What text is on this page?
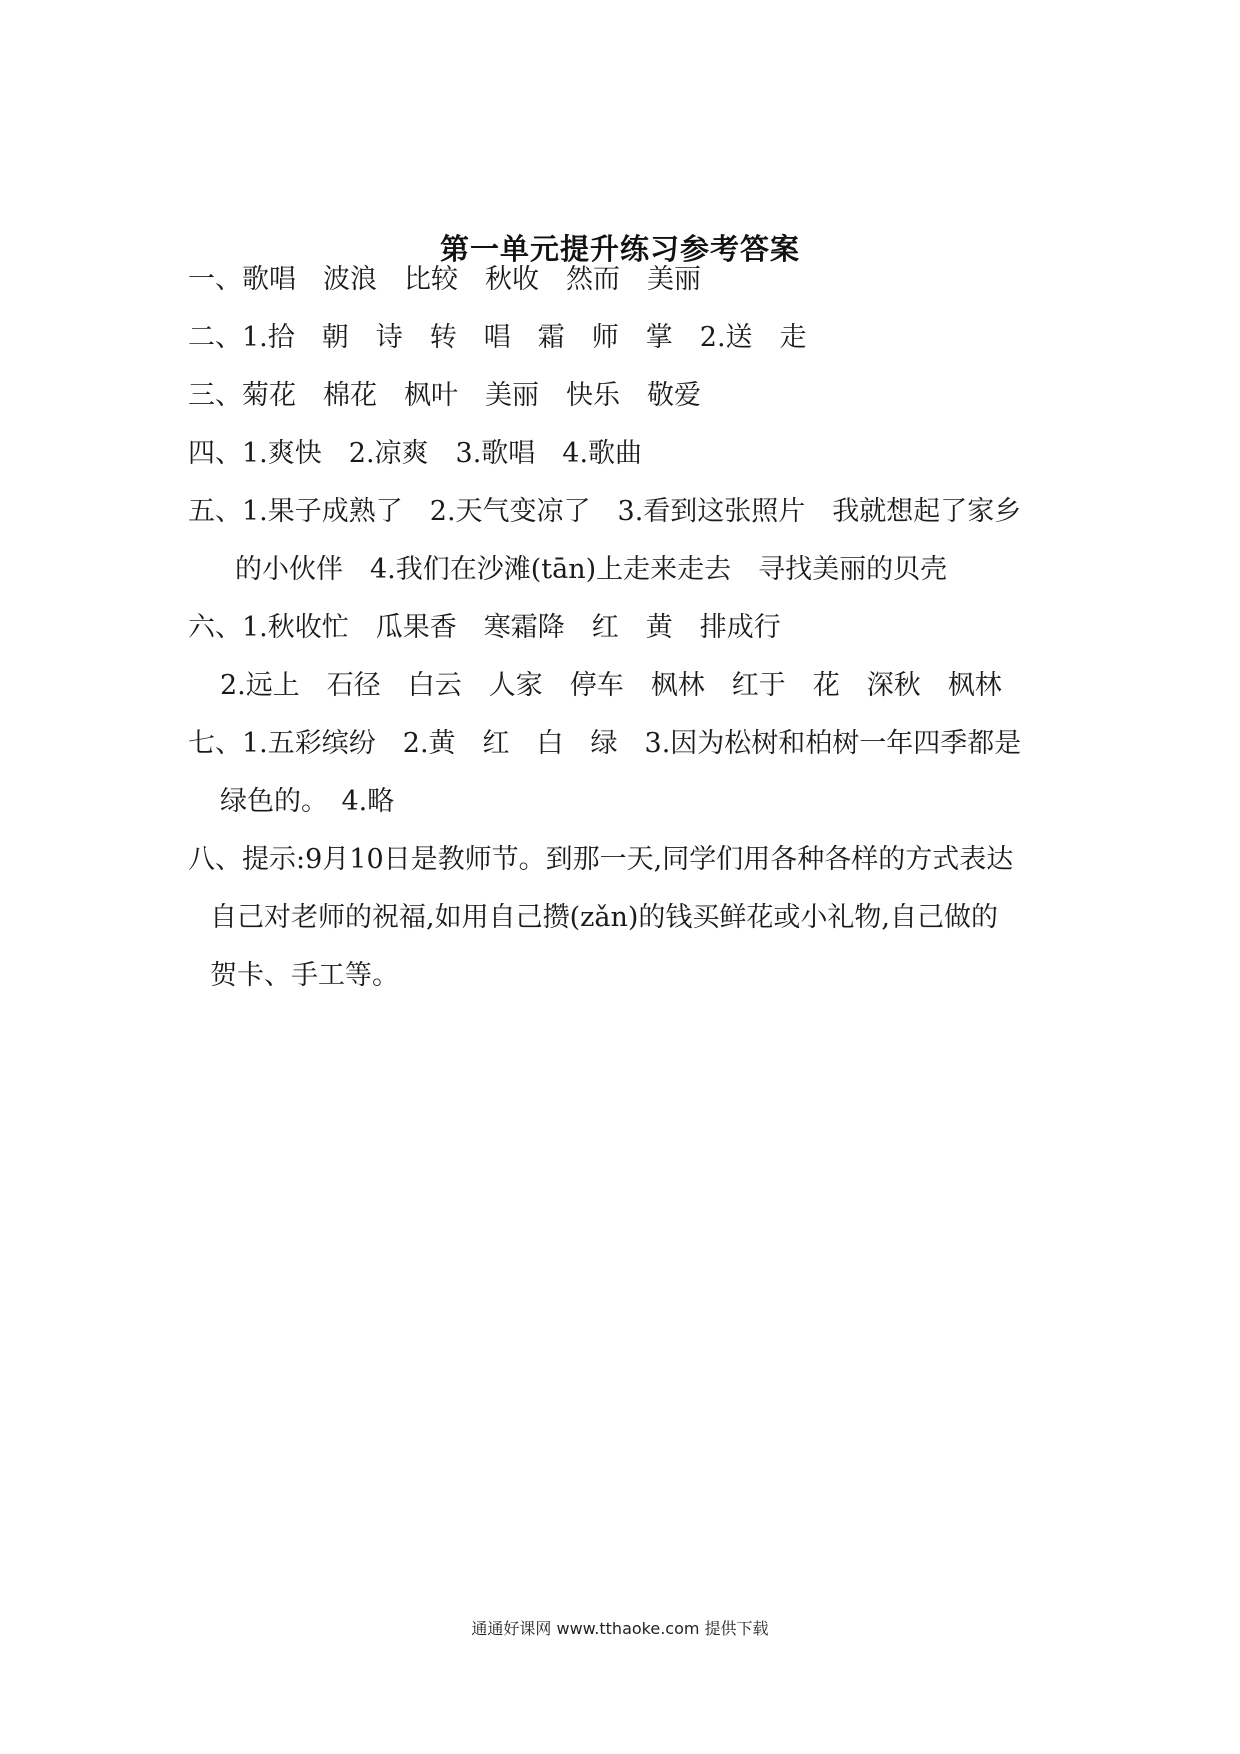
第一单元提升练习参考答案
一、歌唱　波浪　比较　秋收　然而　美丽
二、1.拾　朝　诗　转　唱　霜　师　掌　2.送　走
三、菊花　棉花　枫叶　美丽　快乐　敬爱
四、1.爽快　2.凉爽　3.歌唱　4.歌曲
五、1.果子成熟了　2.天气变凉了　3.看到这张照片　我就想起了家乡
的小伙伴　4.我们在沙滩(tān)上走来走去　寻找美丽的贝壳
六、1.秋收忙　瓜果香　寒霜降　红　黄　排成行
2.远上　石径　白云　人家　停车　枫林　红于　花　深秋　枫林
七、1.五彩缤纷　2.黄　红　白　绿　3.因为松树和柏树一年四季都是
绿色的。　4.略
八、提示:9月10日是教师节。到那一天,同学们用各种各样的方式表达
自己对老师的祝福,如用自己攒(zǎn)的钱买鲜花或小礼物,自己做的
贺卡、手工等。
通通好课网 www.tthaoke.com 提供下载
